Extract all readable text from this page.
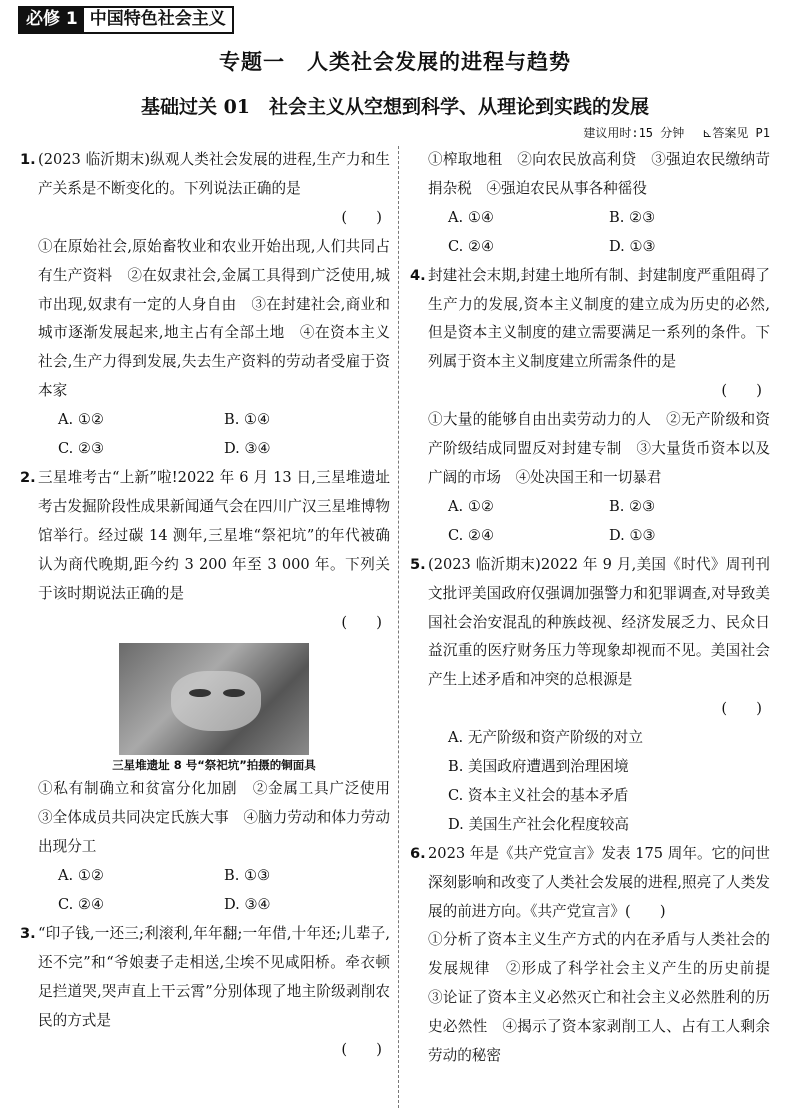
必修 1 中国特色社会主义
专题一　人类社会发展的进程与趋势
基础过关 01　社会主义从空想到科学、从理论到实践的发展
建议用时:15 分钟 ⊾答案见 P1
1. (2023 临沂期末)纵观人类社会发展的进程,生产力和生产关系是不断变化的。下列说法正确的是

(　　)

①在原始社会,原始畜牧业和农业开始出现,人们共同占有生产资料　②在奴隶社会,金属工具得到广泛使用,城市出现,奴隶有一定的人身自由　③在封建社会,商业和城市逐渐发展起来,地主占有全部土地　④在资本主义社会,生产力得到发展,失去生产资料的劳动者受雇于资本家

A. ①②	B. ①④
C. ②③	D. ③④
2. 三星堆考古“上新”啦!2022 年 6 月 13 日,三星堆遗址考古发掘阶段性成果新闻通气会在四川广汉三星堆博物馆举行。经过碳 14 测年,三星堆“祭祀坑”的年代被确认为商代晚期,距今约 3 200 年至 3 000 年。下列关于该时期说法正确的是

(　　)
三星堆遗址 8 号“祭祀坑”拍摄的铜面具

①私有制确立和贫富分化加剧　②金属工具广泛使用　③全体成员共同决定氏族大事　④脑力劳动和体力劳动出现分工

A. ①②	B. ①③
C. ②④	D. ③④
3. “印子钱,一还三;利滚利,年年翻;一年借,十年还;儿辈子,还不完”和“爷娘妻子走相送,尘埃不见咸阳桥。牵衣顿足拦道哭,哭声直上干云霄”分别体现了地主阶级剥削农民的方式是

(　　)

①榨取地租　②向农民放高利贷　③强迫农民缴纳苛捐杂税　④强迫农民从事各种徭役

A. ①④	B. ②③
C. ②④	D. ①③
4. 封建社会末期,封建土地所有制、封建制度严重阻碍了生产力的发展,资本主义制度的建立成为历史的必然,但是资本主义制度的建立需要满足一系列的条件。下列属于资本主义制度建立所需条件的是

(　　)

①大量的能够自由出卖劳动力的人　②无产阶级和资产阶级结成同盟反对封建专制　③大量货币资本以及广阔的市场　④处决国王和一切暴君

A. ①②	B. ②③
C. ②④	D. ①③
5. (2023 临沂期末)2022 年 9 月,美国《时代》周刊刊文批评美国政府仅强调加强警力和犯罪调查,对导致美国社会治安混乱的种族歧视、经济发展乏力、民众日益沉重的医疗财务压力等现象却视而不见。美国社会产生上述矛盾和冲突的总根源是

(　　)
A. 无产阶级和资产阶级的对立
B. 美国政府遭遇到治理困境
C. 资本主义社会的基本矛盾
D. 美国生产社会化程度较高
6. 2023 年是《共产党宣言》发表 175 周年。它的问世深刻影响和改变了人类社会发展的进程,照亮了人类发展的前进方向。《共产党宣言》(　　)

①分析了资本主义生产方式的内在矛盾与人类社会的发展规律　②形成了科学社会主义产生的历史前提　③论证了资本主义必然灭亡和社会主义必然胜利的历史必然性　④揭示了资本家剥削工人、占有工人剩余劳动的秘密
